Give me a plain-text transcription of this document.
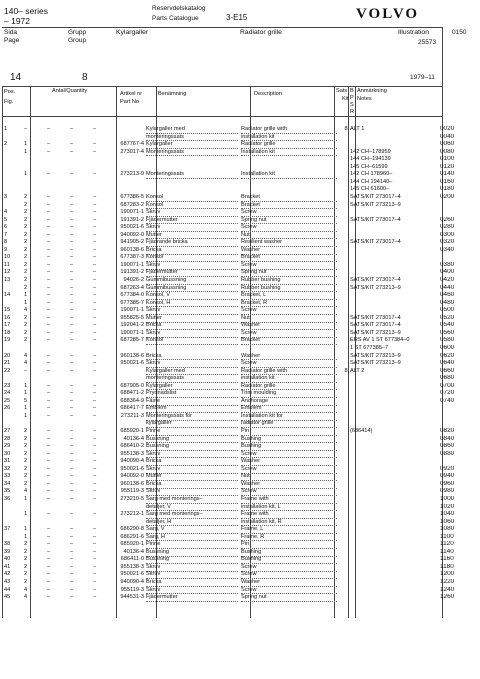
140– series
– 1972
Reservdelskatalog
Parts Catalogue	3-E15	VOLVO
Sida
Page
Grupp
Group
Kylargaller	Radiator grille	Illustration
25573
0150
14	8	1979–11
Pos.
Fig.
Antal/Quantity	Artikel nr
Part No
Benämning	Description	Sats
Kit
B
P
S
R
Anmärkning
Notes
1	–	–	–	–	Kylargaller med	Radiator grille with	8 ALT 1	0020
monteringssats	installation kit	0040
2	1	–	–	–	687767-4 Kylargaller	Radiator grille	0060
1	–	–	–	273017-4 Monteringssats	Installation kit	142 CH–178959	0080
144 CH–194139	0100
145 CH–61599	0120
1	–	–	–	273213-9 Monteringssats	Installation kit	142 CH 178960–	0140
144 CH 194140–	0160
145 CH 61600–	0180
3	2	–	–	–	677386-5 Konsol	Bracket	SATS/KIT 273017–4	0200
2	–	–	–	687283-2 Konsol	Bracket	SATS/KIT 273213–9
4	2	–	–	–	190071-1 Skruv	Screw
5	2	–	–	–	191391-2 Fjädermutter	Spring nut	SATS/KIT 273017–4	0260
6	2	–	–	–	950021-6 Skruv	Screw	0280
7	2	–	–	–	940092-0 Mutter	Nut	0300
8	2	–	–	–	941905-2 Fjädrande bricka	Resilient washer	SATS/KIT 273017–4	0320
9	2	–	–	–	960138-6 Bricka	Washer	0340
10	2	–	–	–	677387-3 Konsol	Bracket
11	2	–	–	–	190071-1 Skruv	Screw	0380
12	2	–	–	–	191391-2 Fjädermutter	Spring nut	0400
13	2	–	–	–	94026-2 Gummibussning	Rubber bushing	SATS/KIT 273017–4	0420
2	–	–	–	687263-4 Gummibussning	Rubber bushing	SATS/KIT 273213–9	0440
14	1	–	–	–	677384-0 Konsol, V	Bracket, L	0460
1	–	–	–	677385-7 Konsol, H	Bracket, R	0480
15	4	–	–	–	190071-1 Skruv	Screw	0500
16	2	–	–	–	955825-5 Mutter	Nut	SATS/KIT 273017–4	0520
17	2	–	–	–	192041-2 Bricka	Washer	SATS/KIT 273017–4	0540
18	2	–	–	–	190071-1 Skruv	Screw	SATS/KIT 273213–9	0560
19	2	–	–	–	687285-7 Konsol	Bracket	ERS AV 1 ST 677384–0	0580
1 ST 677385–7	0600
20	4	–	–	–	960138-6 Bricka	Washer	SATS/KIT 273213–9	0620
21	4	–	–	–	950021-6 Skruv	Screw	SATS/KIT 273213–9	0640
22	–	–	–	–	Kylargaller med	Radiator grille with	8 ALT 2	0660
monteringssats	installation kit	0680
23	1	–	–	–	687905-0 Kylargaller	Radiator grille	0700
24	1	–	–	–	688471-2 Prydnadslist	Trim moulding	0720
25	5	–	–	–	688364-9 Fäste	Anchorage	0740
26	1	–	–	–	686417-7 Emblem	Emblem
1	–	–	–	273211-3 Monteringssats för	Installation kit for
kylargaller	radiator grille
27	2	–	–	–	685920-1 Pinne	Pin	(686414)	0820
28	2	–	–	–	40136-4 Bussning	Bushing	0840
29	2	–	–	–	686410-2 Bussning	Bushing	0860
30	2	–	–	–	955138-3 Skruv	Screw	0880
31	2	–	–	–	940090-4 Bricka	Washer
32	2	–	–	–	950021-6 Skruv	Screw	0920
33	2	–	–	–	940092-0 Mutter	Nut	0940
34	2	–	–	–	960138-6 Bricka	Washer	0960
35	4	–	–	–	955119-3 Skruv	Screw	0980
36	1	–	–	–	273210-5 Sarg med monterings–	Frame with	1000
detaljer, V	installation kit, L	1020
1	–	–	–	273212-1 Sarg med monterings–	Frame with	1040
detaljer, H	installation kit, R	1060
37	1	–	–	–	686290-8 Sarg, V	Frame, L	1080
1	–	–	–	686291-6 Sarg, H	Frame, R	1100
38	2	–	–	–	685920-1 Pinne	Pin	1120
39	2	–	–	–	40136-4 Bussning	Bushing	1140
40	2	–	–	–	686411-0 Bussning	Bushing	1160
41	2	–	–	–	955138-3 Skruv	Screw	1180
42	2	–	–	–	950021-6 Skruv	Screw	1200
43	2	–	–	–	940090-4 Bricka	Washer	1220
44	4	–	–	–	955119-3 Skruv	Screw	1240
45	4	–	–	–	944531-3 Fjädermutter	Spring nut	1260
